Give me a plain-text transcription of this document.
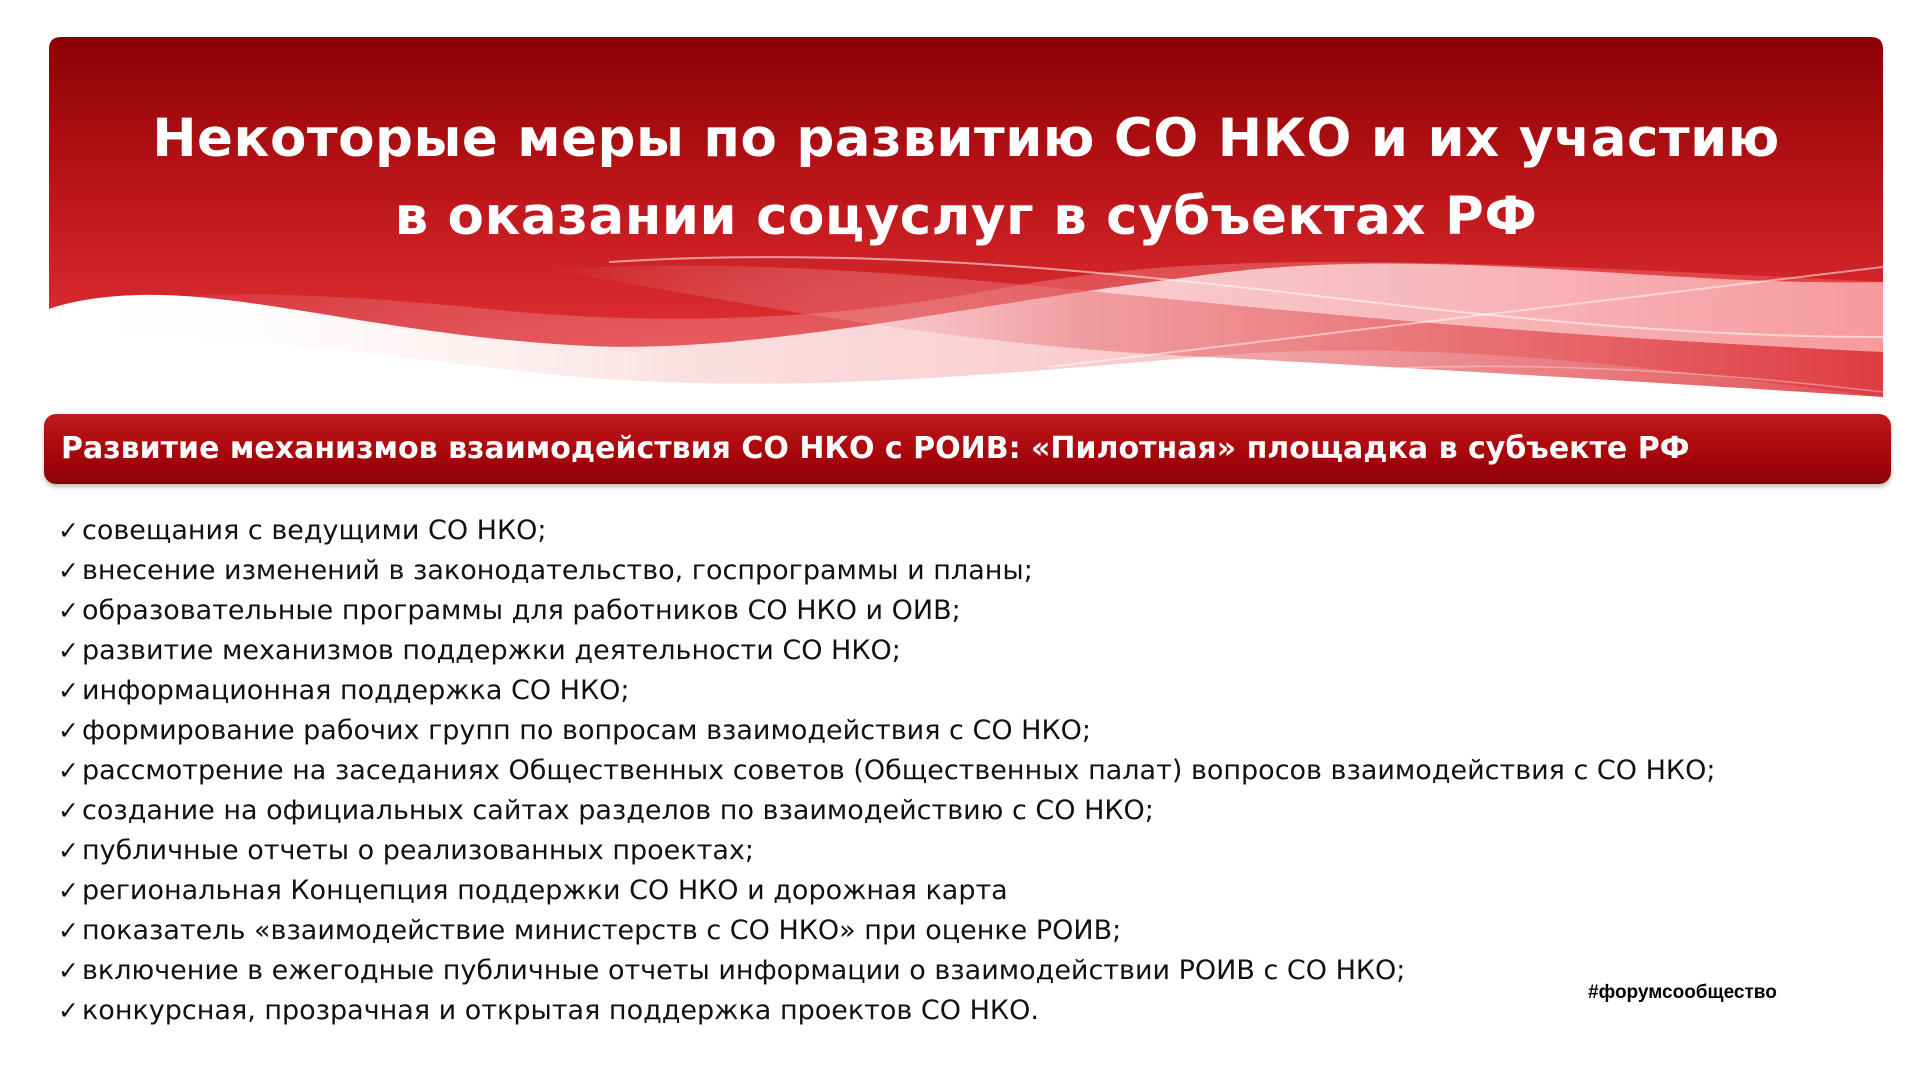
Некоторые меры по развитию СО НКО и их участию
в оказании соцуслуг в субъектах РФ
Развитие механизмов взаимодействия СО НКО с РОИВ: «Пилотная» площадка в субъекте РФ
✓ совещания с ведущими СО НКО;
✓ внесение изменений в законодательство, госпрограммы и планы;
✓ образовательные программы для работников СО НКО и ОИВ;
✓ развитие механизмов поддержки деятельности СО НКО;
✓ информационная поддержка СО НКО;
✓ формирование рабочих групп по вопросам взаимодействия с СО НКО;
✓ рассмотрение на заседаниях Общественных советов (Общественных палат) вопросов взаимодействия с СО НКО;
✓ создание на официальных сайтах разделов по взаимодействию с СО НКО;
✓ публичные отчеты о реализованных проектах;
✓ региональная Концепция поддержки СО НКО и дорожная карта
✓ показатель «взаимодействие министерств с СО НКО» при оценке РОИВ;
✓ включение в ежегодные публичные отчеты информации о взаимодействии РОИВ с СО НКО;
✓ конкурсная, прозрачная и открытая поддержка проектов СО НКО.
#форумсообщество
